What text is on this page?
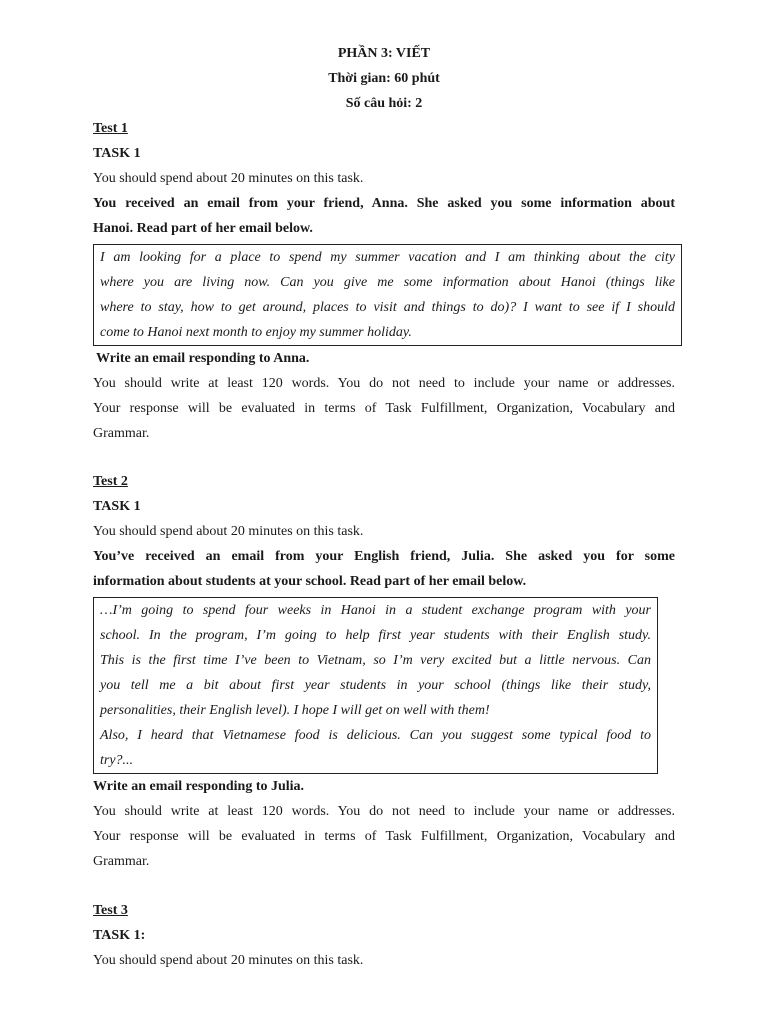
PHẦN 3: VIẾT
Thời gian: 60 phút
Số câu hỏi: 2
Test 1
TASK 1
You should spend about 20 minutes on this task.
You received an email from your friend, Anna. She asked you some information about
Hanoi. Read part of her email below.
I am looking for a place to spend my summer vacation and I am thinking about the city
where you are living now. Can you give me some information about Hanoi (things like
where to stay, how to get around, places to visit and things to do)? I want to see if I should
come to Hanoi next month to enjoy my summer holiday.
Write an email responding to Anna.
You should write at least 120 words. You do not need to include your name or addresses.
Your response will be evaluated in terms of Task Fulfillment, Organization, Vocabulary and
Grammar.
Test 2
TASK 1
You should spend about 20 minutes on this task.
You’ve received an email from your English friend, Julia. She asked you for some
information about students at your school. Read part of her email below.
…I’m going to spend four weeks in Hanoi in a student exchange program with your
school. In the program, I’m going to help first year students with their English study.
This is the first time I’ve been to Vietnam, so I’m very excited but a little nervous. Can
you tell me a bit about first year students in your school (things like their study,
personalities, their English level). I hope I will get on well with them!
Also, I heard that Vietnamese food is delicious. Can you suggest some typical food to
try?...
Write an email responding to Julia.
You should write at least 120 words. You do not need to include your name or addresses.
Your response will be evaluated in terms of Task Fulfillment, Organization, Vocabulary and
Grammar.
Test 3
TASK 1:
You should spend about 20 minutes on this task.
